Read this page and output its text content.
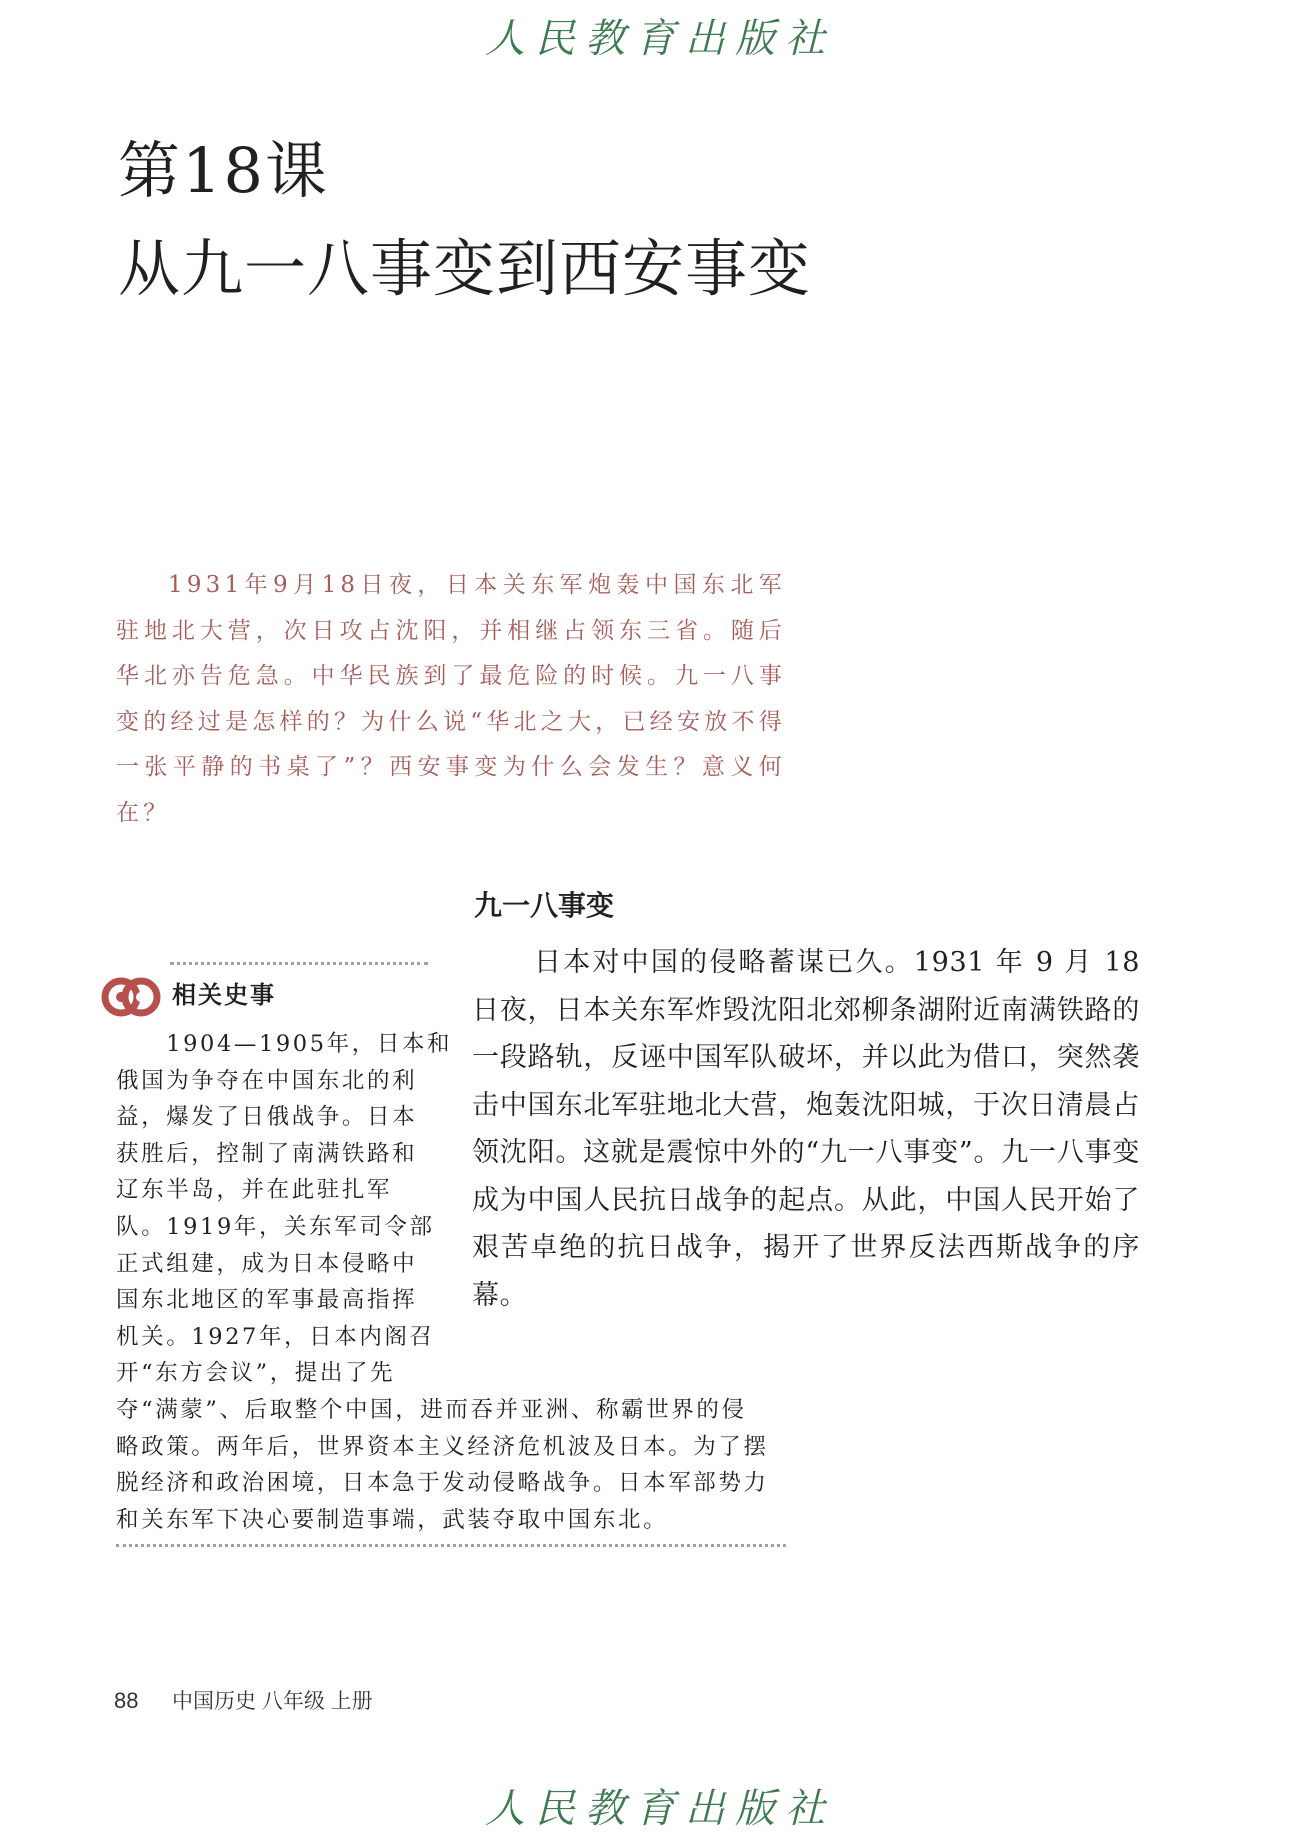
人民教育出版社
第18课
从九一八事变到西安事变

1931年9月18日夜，日本关东军炮轰中国东北军驻地北大营，次日攻占沈阳，并相继占领东三省。随后华北亦告危急。中华民族到了最危险的时候。九一八事变的经过是怎样的？为什么说“华北之大，已经安放不得一张平静的书桌了”？西安事变为什么会发生？意义何在？

九一八事变

日本对中国的侵略蓄谋已久。1931 年 9 月 18 日夜，日本关东军炸毁沈阳北郊柳条湖附近南满铁路的一段路轨，反诬中国军队破坏，并以此为借口，突然袭击中国东北军驻地北大营，炮轰沈阳城，于次日清晨占领沈阳。这就是震惊中外的“九一八事变”。九一八事变成为中国人民抗日战争的起点。从此，中国人民开始了艰苦卓绝的抗日战争，揭开了世界反法西斯战争的序幕。

相关史事

　　1904—1905年，日本和
俄国为争夺在中国东北的利
益，爆发了日俄战争。日本
获胜后，控制了南满铁路和
辽东半岛，并在此驻扎军
队。1919年，关东军司令部
正式组建，成为日本侵略中
国东北地区的军事最高指挥
机关。1927年，日本内阁召
开“东方会议”，提出了先
夺“满蒙”、后取整个中国，进而吞并亚洲、称霸世界的侵
略政策。两年后，世界资本主义经济危机波及日本。为了摆
脱经济和政治困境，日本急于发动侵略战争。日本军部势力
和关东军下决心要制造事端，武装夺取中国东北。

88 中国历史 八年级 上册
人民教育出版社
